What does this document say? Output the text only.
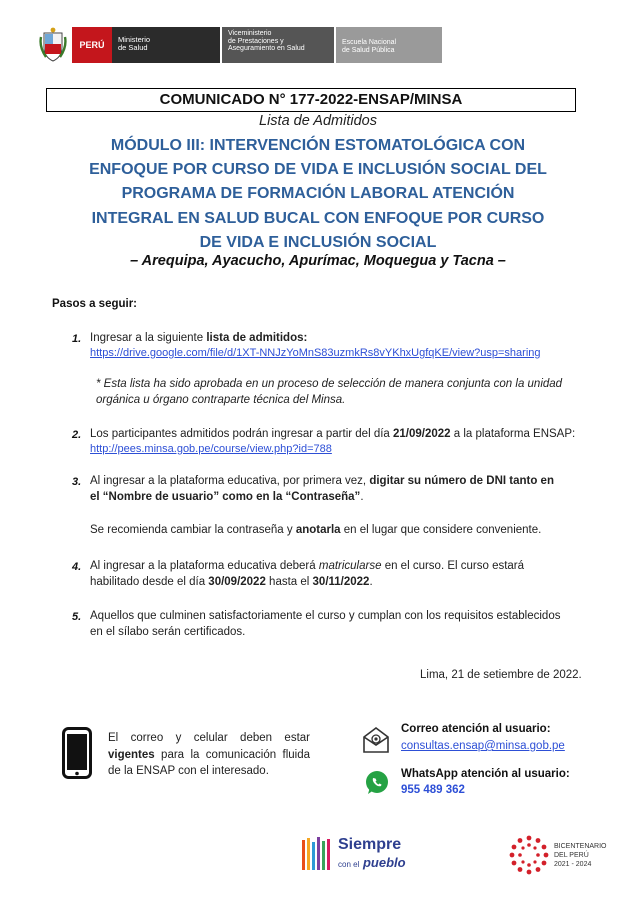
PERÚ
Ministerio
de Salud
Viceministerio
de Prestaciones y
Aseguramiento en Salud
Escuela Nacional
de Salud Pública
COMUNICADO N° 177-2022-ENSAP/MINSA
Lista de Admitidos
MÓDULO III: INTERVENCIÓN ESTOMATOLÓGICA CON
ENFOQUE POR CURSO DE VIDA E INCLUSIÓN SOCIAL DEL
PROGRAMA DE FORMACIÓN LABORAL ATENCIÓN
INTEGRAL EN SALUD BUCAL CON ENFOQUE POR CURSO
DE VIDA E INCLUSIÓN SOCIAL
– Arequipa, Ayacucho, Apurímac, Moquegua y Tacna –
Pasos a seguir:
1. Ingresar a la siguiente lista de admitidos:
https://drive.google.com/file/d/1XT-NNJzYoMnS83uzmkRs8vYKhxUgfqKE/view?usp=sharing
* Esta lista ha sido aprobada en un proceso de selección de manera conjunta con la unidad
orgánica u órgano contraparte técnica del Minsa.
2. Los participantes admitidos podrán ingresar a partir del día 21/09/2022 a la plataforma ENSAP:
http://pees.minsa.gob.pe/course/view.php?id=788
3. Al ingresar a la plataforma educativa, por primera vez, digitar su número de DNI tanto en
el “Nombre de usuario” como en la “Contraseña”.
Se recomienda cambiar la contraseña y anotarla en el lugar que considere conveniente.
4. Al ingresar a la plataforma educativa deberá matricularse en el curso. El curso estará
habilitado desde el día 30/09/2022 hasta el 30/11/2022.
5. Aquellos que culminen satisfactoriamente el curso y cumplan con los requisitos establecidos
en el sílabo serán certificados.
Lima, 21 de setiembre de 2022.
El correo y celular deben estar vigentes para la comunicación fluida de la ENSAP con el interesado.
Correo atención al usuario:
consultas.ensap@minsa.gob.pe
WhatsApp atención al usuario:
955 489 362
Siempre
con el pueblo
BICENTENARIO
DEL PERÚ
2021 - 2024
